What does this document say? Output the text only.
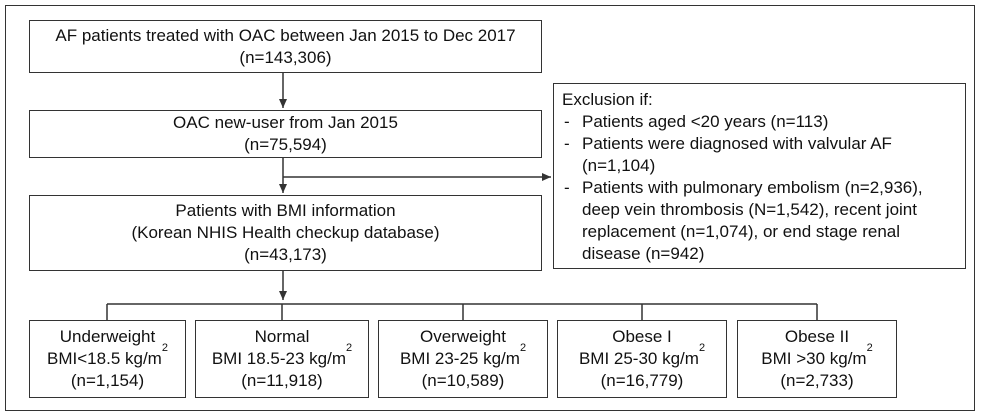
AF patients treated with OAC between Jan 2015 to Dec 2017
(n=143,306)
OAC new-user from Jan 2015
(n=75,594)
Patients with BMI information
(Korean NHIS Health checkup database)
(n=43,173)
Exclusion if:
- Patients aged <20 years (n=113)
- Patients were diagnosed with valvular AF
(n=1,104)
- Patients with pulmonary embolism (n=2,936),
deep vein thrombosis (N=1,542), recent joint
replacement (n=1,074), or end stage renal
disease (n=942)
Underweight
BMI<18.5 $kg/m^2$
(n=1,154)
Normal
BMI 18.5-23 $kg/m^2$
(n=11,918)
Overweight
BMI 23-25 $kg/m^2$
(n=10,589)
Obese I
BMI 25-30 $kg/m^2$
(n=16,779)
Obese II
BMI >30 $kg/m^2$
(n=2,733)
